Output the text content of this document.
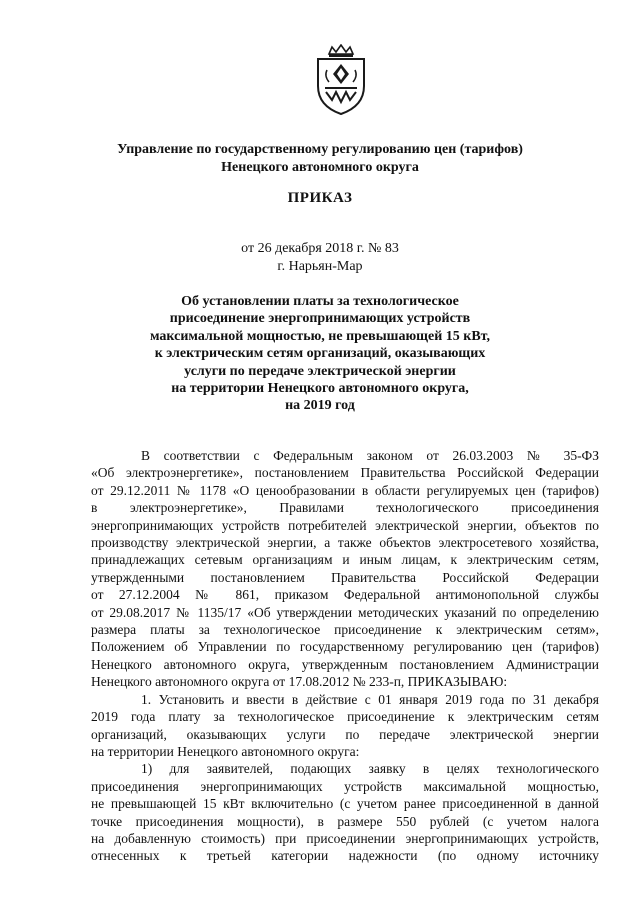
Управление по государственному регулированию цен (тарифов)
Ненецкого автономного округа
ПРИКАЗ
от 26 декабря 2018 г. № 83
г. Нарьян-Мар
Об установлении платы за технологическое
присоединение энергопринимающих устройств
максимальной мощностью, не превышающей 15 кВт,
к электрическим сетям организаций, оказывающих
услуги по передаче электрической энергии
на территории Ненецкого автономного округа,
на 2019 год
В соответствии с Федеральным законом от 26.03.2003 № 35-ФЗ
«Об электроэнергетике», постановлением Правительства Российской Федерации
от 29.12.2011 № 1178 «О ценообразовании в области регулируемых цен (тарифов)
в электроэнергетике», Правилами технологического присоединения
энергопринимающих устройств потребителей электрической энергии, объектов по
производству электрической энергии, а также объектов электросетевого хозяйства,
принадлежащих сетевым организациям и иным лицам, к электрическим сетям,
утвержденными постановлением Правительства Российской Федерации
от 27.12.2004 № 861, приказом Федеральной антимонопольной службы
от 29.08.2017 № 1135/17 «Об утверждении методических указаний по определению
размера платы за технологическое присоединение к электрическим сетям»,
Положением об Управлении по государственному регулированию цен (тарифов)
Ненецкого автономного округа, утвержденным постановлением Администрации
Ненецкого автономного округа от 17.08.2012 № 233-п, ПРИКАЗЫВАЮ:
1. Установить и ввести в действие с 01 января 2019 года по 31 декабря
2019 года плату за технологическое присоединение к электрическим сетям
организаций, оказывающих услуги по передаче электрической энергии
на территории Ненецкого автономного округа:
1) для заявителей, подающих заявку в целях технологического
присоединения энергопринимающих устройств максимальной мощностью,
не превышающей 15 кВт включительно (с учетом ранее присоединенной в данной
точке присоединения мощности), в размере 550 рублей (с учетом налога
на добавленную стоимость) при присоединении энергопринимающих устройств,
отнесенных к третьей категории надежности (по одному источнику
